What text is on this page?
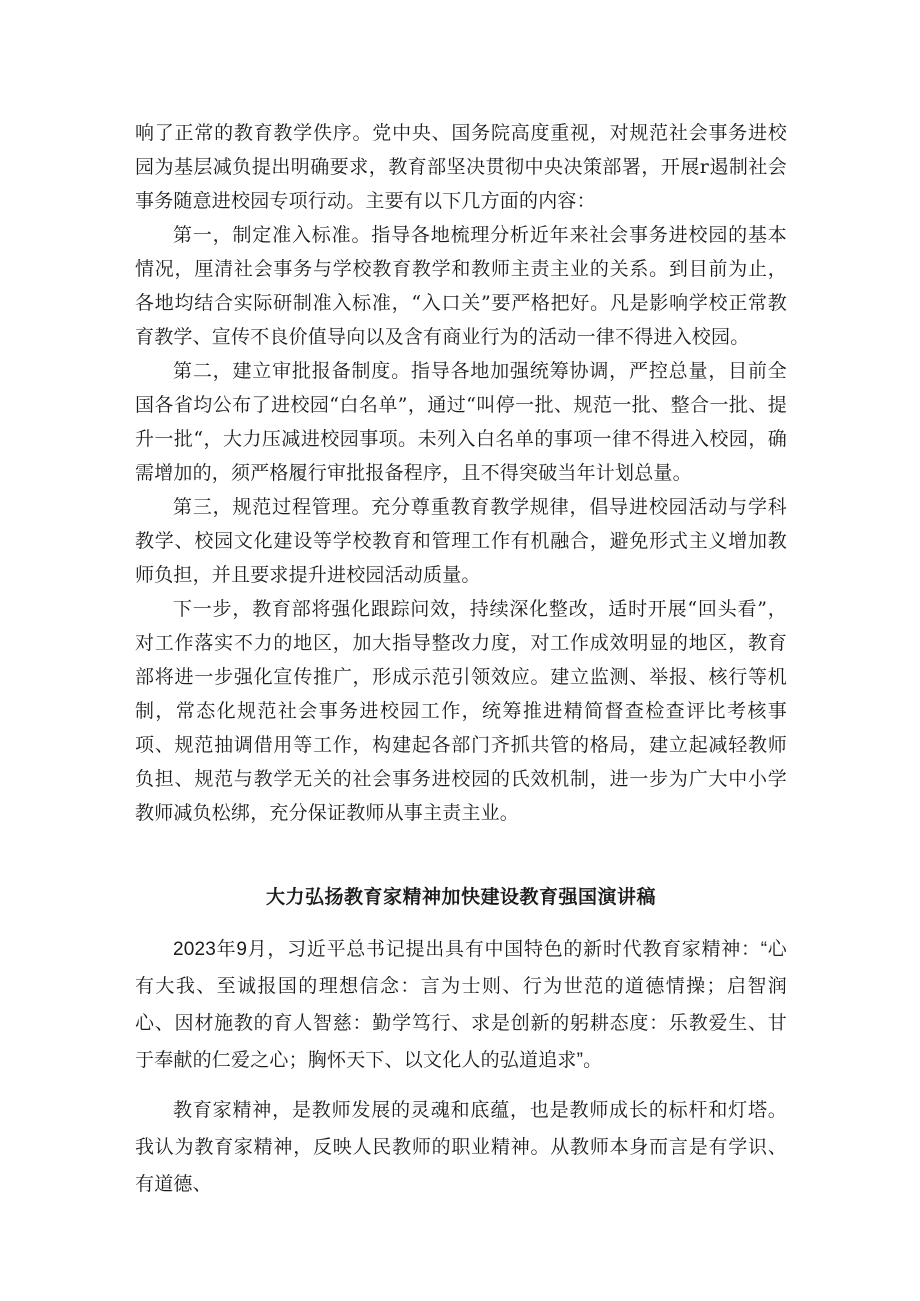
响了正常的教育教学佚序。党中央、国务院高度重视，对规范社会事务进校园为基层减负提出明确要求，教育部坚决贯彻中央决策部署，开展r遏制社会事务随意进校园专项行动。主要有以下几方面的内容：

第一，制定准入标准。指导各地梳理分析近年来社会事务进校园的基本情况，厘清社会事务与学校教育教学和教师主责主业的关系。到目前为止，各地均结合实际研制准入标准，“入口关”要严格把好。凡是影响学校正常教育教学、宣传不良价值导向以及含有商业行为的活动一律不得进入校园。

第二，建立审批报备制度。指导各地加强统筹协调，严控总量，目前全国各省均公布了进校园“白名单”，通过“叫停一批、规范一批、整合一批、提升一批“，大力压减进校园事项。未列入白名单的事项一律不得进入校园，确需增加的，须严格履行审批报备程序，且不得突破当年计划总量。

第三，规范过程管理。充分尊重教育教学规律，倡导进校园活动与学科教学、校园文化建设等学校教育和管理工作有机融合，避免形式主义增加教师负担，并且要求提升进校园活动质量。

下一步，教育部将强化跟踪问效，持续深化整改，适时开展“回头看”，对工作落实不力的地区，加大指导整改力度，对工作成效明显的地区，教育部将进一步强化宣传推广，形成示范引领效应。建立监测、举报、核行等机制，常态化规范社会事务进校园工作，统筹推进精简督查检查评比考核事项、规范抽调借用等工作，构建起各部门齐抓共管的格局，建立起减轻教师负担、规范与教学无关的社会事务进校园的氏效机制，进一步为广大中小学教师减负松绑，充分保证教师从事主责主业。

大力弘扬教育家精神加快建设教育强国演讲稿

2023年9月，习近平总书记提出具有中国特色的新时代教育家精神：“心有大我、至诚报国的理想信念：言为士则、行为世范的道德情操；启智润心、因材施教的育人智慈：勤学笃行、求是创新的躬耕态度：乐教爱生、甘于奉献的仁爱之心；胸怀天下、以文化人的弘道追求”。

教育家精神，是教师发展的灵魂和底蕴，也是教师成长的标杆和灯塔。我认为教育家精神，反映人民教师的职业精神。从教师本身而言是有学识、有道德、
